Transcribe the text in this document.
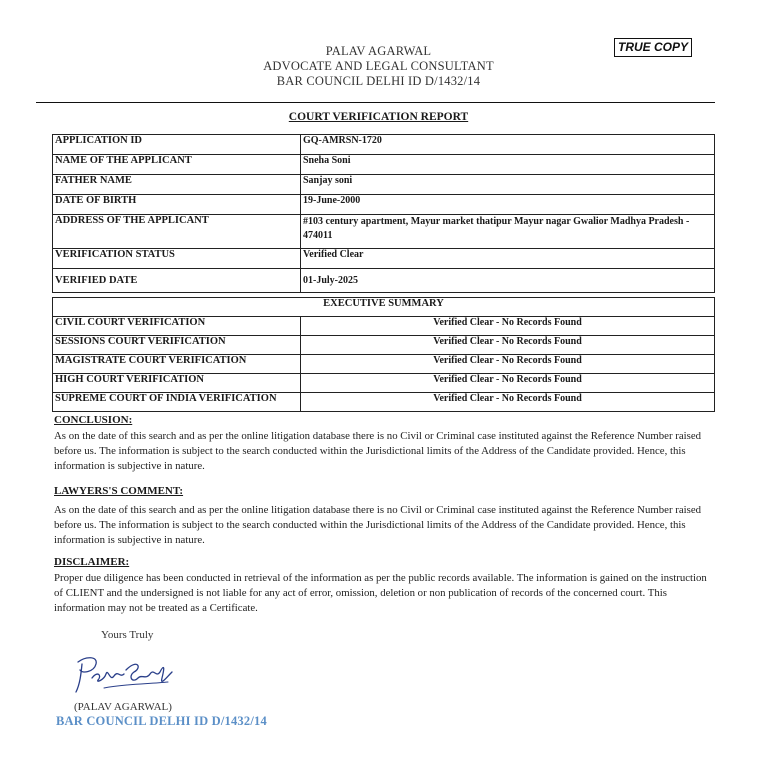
PALAV AGARWAL
ADVOCATE AND LEGAL CONSULTANT
BAR COUNCIL DELHI ID D/1432/14
TRUE COPY
COURT VERIFICATION REPORT
APPLICATION ID	GQ-AMRSN-1720
NAME OF THE APPLICANT	Sneha Soni
FATHER NAME	Sanjay soni
DATE OF BIRTH	19-June-2000
ADDRESS OF THE APPLICANT	#103 century apartment, Mayur market thatipur Mayur nagar Gwalior Madhya Pradesh - 474011
VERIFICATION STATUS	Verified Clear
VERIFIED DATE	01-July-2025
EXECUTIVE SUMMARY	
CIVIL COURT VERIFICATION	Verified Clear - No Records Found
SESSIONS COURT VERIFICATION	Verified Clear - No Records Found
MAGISTRATE COURT VERIFICATION	Verified Clear - No Records Found
HIGH COURT VERIFICATION	Verified Clear - No Records Found
SUPREME COURT OF INDIA VERIFICATION	Verified Clear - No Records Found
CONCLUSION:
As on the date of this search and as per the online litigation database there is no Civil or Criminal case instituted against the Reference Number raised before us. The information is subject to the search conducted within the Jurisdictional limits of the Address of the Candidate provided. Hence, this information is subjective in nature.
LAWYERS'S COMMENT:
As on the date of this search and as per the online litigation database there is no Civil or Criminal case instituted against the Reference Number raised before us. The information is subject to the search conducted within the Jurisdictional limits of the Address of the Candidate provided. Hence, this information is subjective in nature.
DISCLAIMER:
Proper due diligence has been conducted in retrieval of the information as per the public records available. The information is gained on the instruction of CLIENT and the undersigned is not liable for any act of error, omission, deletion or non publication of records of the concerned court. This information may not be treated as a Certificate.
Yours Truly
(PALAV AGARWAL)
BAR COUNCIL DELHI ID D/1432/14
